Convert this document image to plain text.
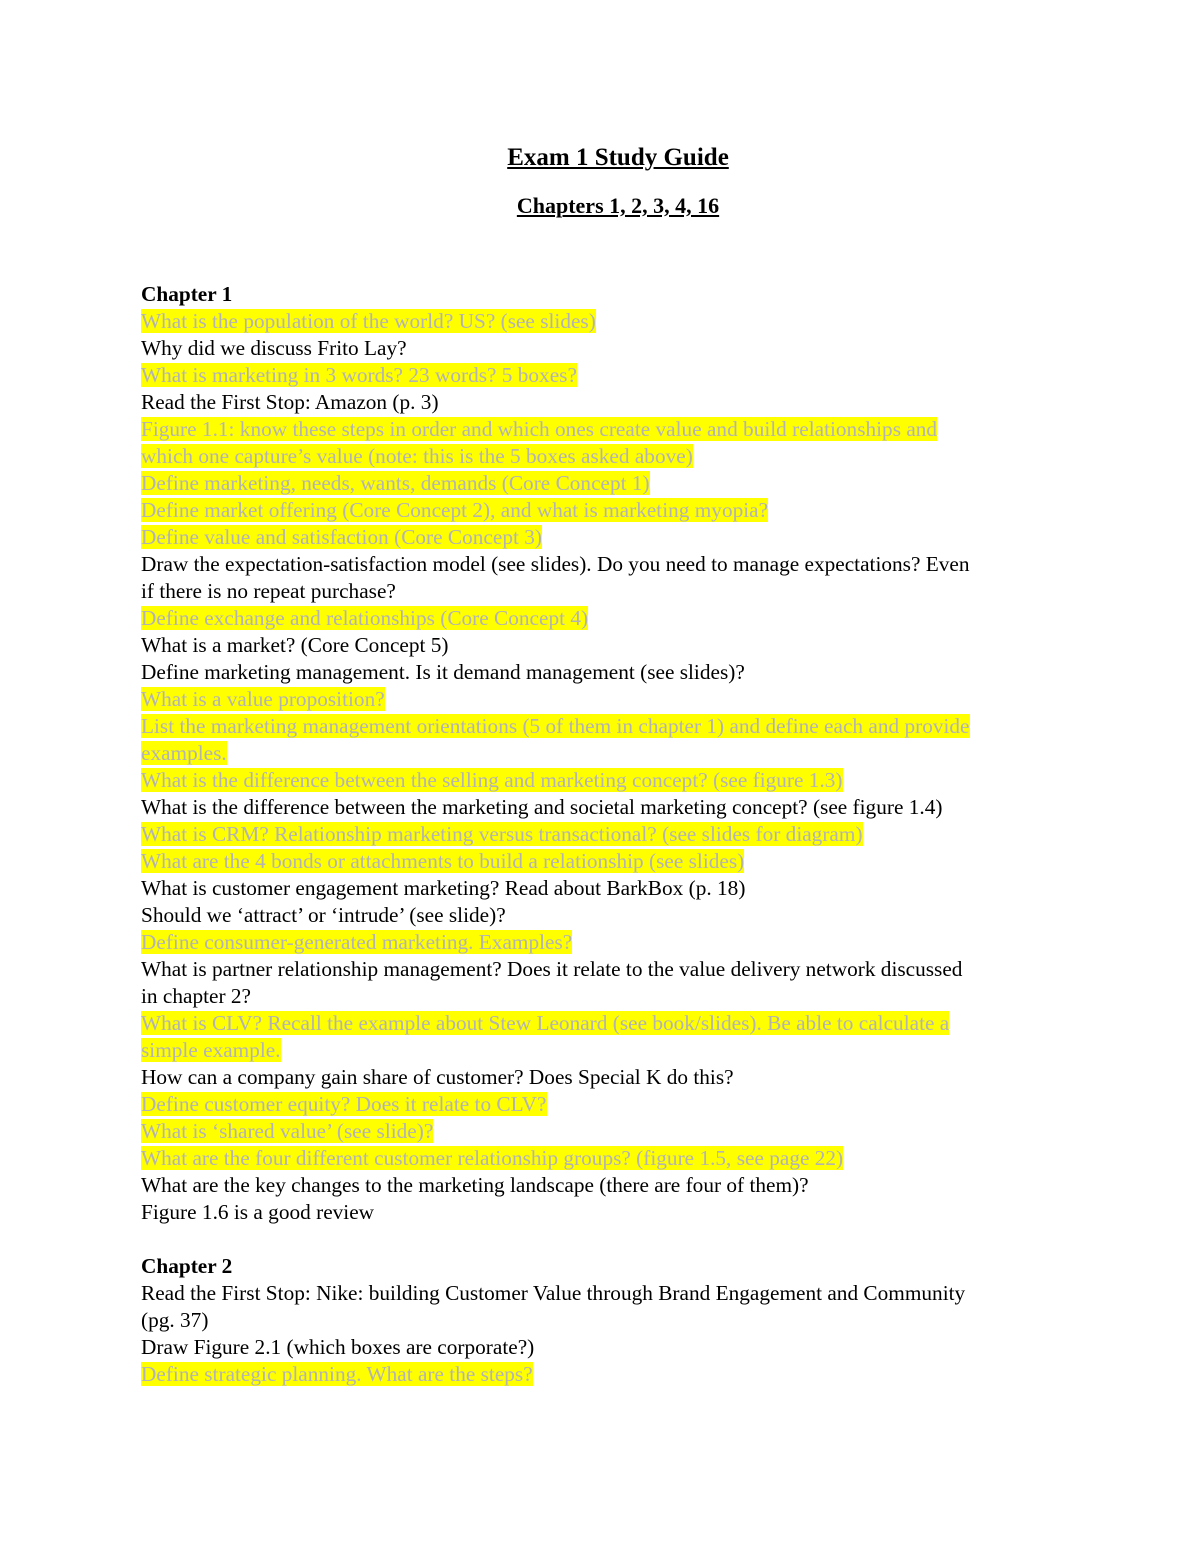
Exam 1 Study Guide
Chapters 1, 2, 3, 4, 16
Chapter 1
What is the population of the world? US? (see slides)
Why did we discuss Frito Lay?
What is marketing in 3 words? 23 words? 5 boxes?
Read the First Stop: Amazon (p. 3)
Figure 1.1: know these steps in order and which ones create value and build relationships and
which one capture’s value (note: this is the 5 boxes asked above)
Define marketing, needs, wants, demands (Core Concept 1)
Define market offering (Core Concept 2), and what is marketing myopia?
Define value and satisfaction (Core Concept 3)
Draw the expectation-satisfaction model (see slides). Do you need to manage expectations? Even
if there is no repeat purchase?
Define exchange and relationships (Core Concept 4)
What is a market? (Core Concept 5)
Define marketing management. Is it demand management (see slides)?
What is a value proposition?
List the marketing management orientations (5 of them in chapter 1) and define each and provide
examples.
What is the difference between the selling and marketing concept? (see figure 1.3)
What is the difference between the marketing and societal marketing concept? (see figure 1.4)
What is CRM? Relationship marketing versus transactional? (see slides for diagram)
What are the 4 bonds or attachments to build a relationship (see slides)
What is customer engagement marketing? Read about BarkBox (p. 18)
Should we ‘attract’ or ‘intrude’ (see slide)?
Define consumer-generated marketing. Examples?
What is partner relationship management? Does it relate to the value delivery network discussed
in chapter 2?
What is CLV? Recall the example about Stew Leonard (see book/slides). Be able to calculate a
simple example.
How can a company gain share of customer? Does Special K do this?
Define customer equity? Does it relate to CLV?
What is ‘shared value’ (see slide)?
What are the four different customer relationship groups? (figure 1.5, see page 22)
What are the key changes to the marketing landscape (there are four of them)?
Figure 1.6 is a good review
Chapter 2
Read the First Stop: Nike: building Customer Value through Brand Engagement and Community
(pg. 37)
Draw Figure 2.1 (which boxes are corporate?)
Define strategic planning. What are the steps?
